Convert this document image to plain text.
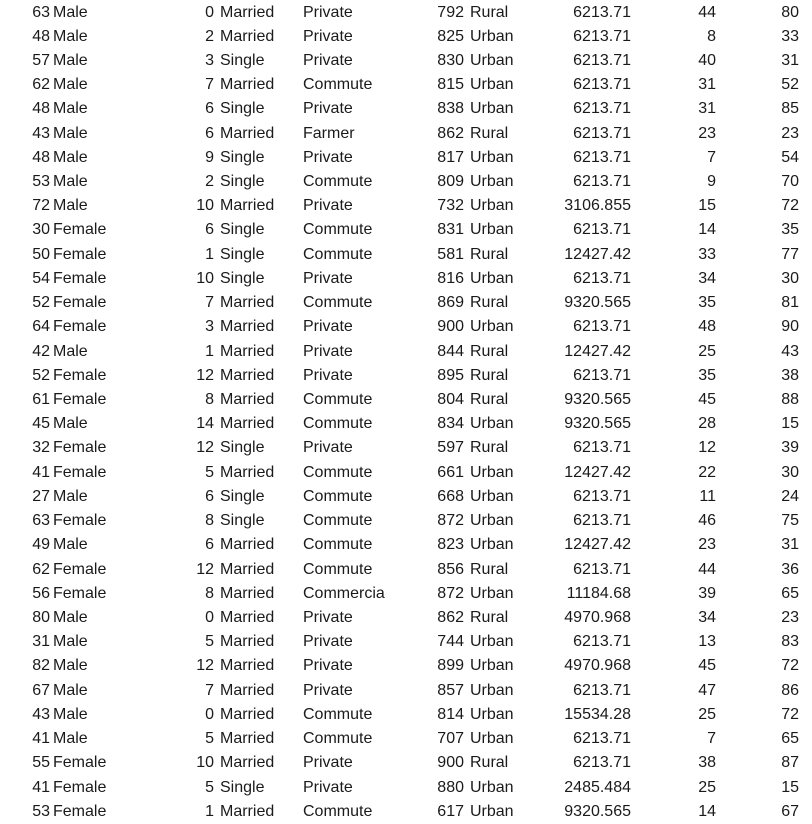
63 Male	0 Married	Private	792 Rural	6213.71	44	80
48 Male	2 Married	Private	825 Urban	6213.71	8	33
57 Male	3 Single	Private	830 Urban	6213.71	40	31
62 Male	7 Married	Commute	815 Urban	6213.71	31	52
48 Male	6 Single	Private	838 Urban	6213.71	31	85
43 Male	6 Married	Farmer	862 Rural	6213.71	23	23
48 Male	9 Single	Private	817 Urban	6213.71	7	54
53 Male	2 Single	Commute	809 Urban	6213.71	9	70
72 Male	10 Married	Private	732 Urban	3106.855	15	72
30 Female	6 Single	Commute	831 Urban	6213.71	14	35
50 Female	1 Single	Commute	581 Rural	12427.42	33	77
54 Female	10 Single	Private	816 Urban	6213.71	34	30
52 Female	7 Married	Commute	869 Rural	9320.565	35	81
64 Female	3 Married	Private	900 Urban	6213.71	48	90
42 Male	1 Married	Private	844 Rural	12427.42	25	43
52 Female	12 Married	Private	895 Rural	6213.71	35	38
61 Female	8 Married	Commute	804 Rural	9320.565	45	88
45 Male	14 Married	Commute	834 Urban	9320.565	28	15
32 Female	12 Single	Private	597 Rural	6213.71	12	39
41 Female	5 Married	Commute	661 Urban	12427.42	22	30
27 Male	6 Single	Commute	668 Urban	6213.71	11	24
63 Female	8 Single	Commute	872 Urban	6213.71	46	75
49 Male	6 Married	Commute	823 Urban	12427.42	23	31
62 Female	12 Married	Commute	856 Rural	6213.71	44	36
56 Female	8 Married	Commercia	872 Urban	11184.68	39	65
80 Male	0 Married	Private	862 Rural	4970.968	34	23
31 Male	5 Married	Private	744 Urban	6213.71	13	83
82 Male	12 Married	Private	899 Urban	4970.968	45	72
67 Male	7 Married	Private	857 Urban	6213.71	47	86
43 Male	0 Married	Commute	814 Urban	15534.28	25	72
41 Male	5 Married	Commute	707 Urban	6213.71	7	65
55 Female	10 Married	Private	900 Rural	6213.71	38	87
41 Female	5 Single	Private	880 Urban	2485.484	25	15
53 Female	1 Married	Commute	617 Urban	9320.565	14	67
